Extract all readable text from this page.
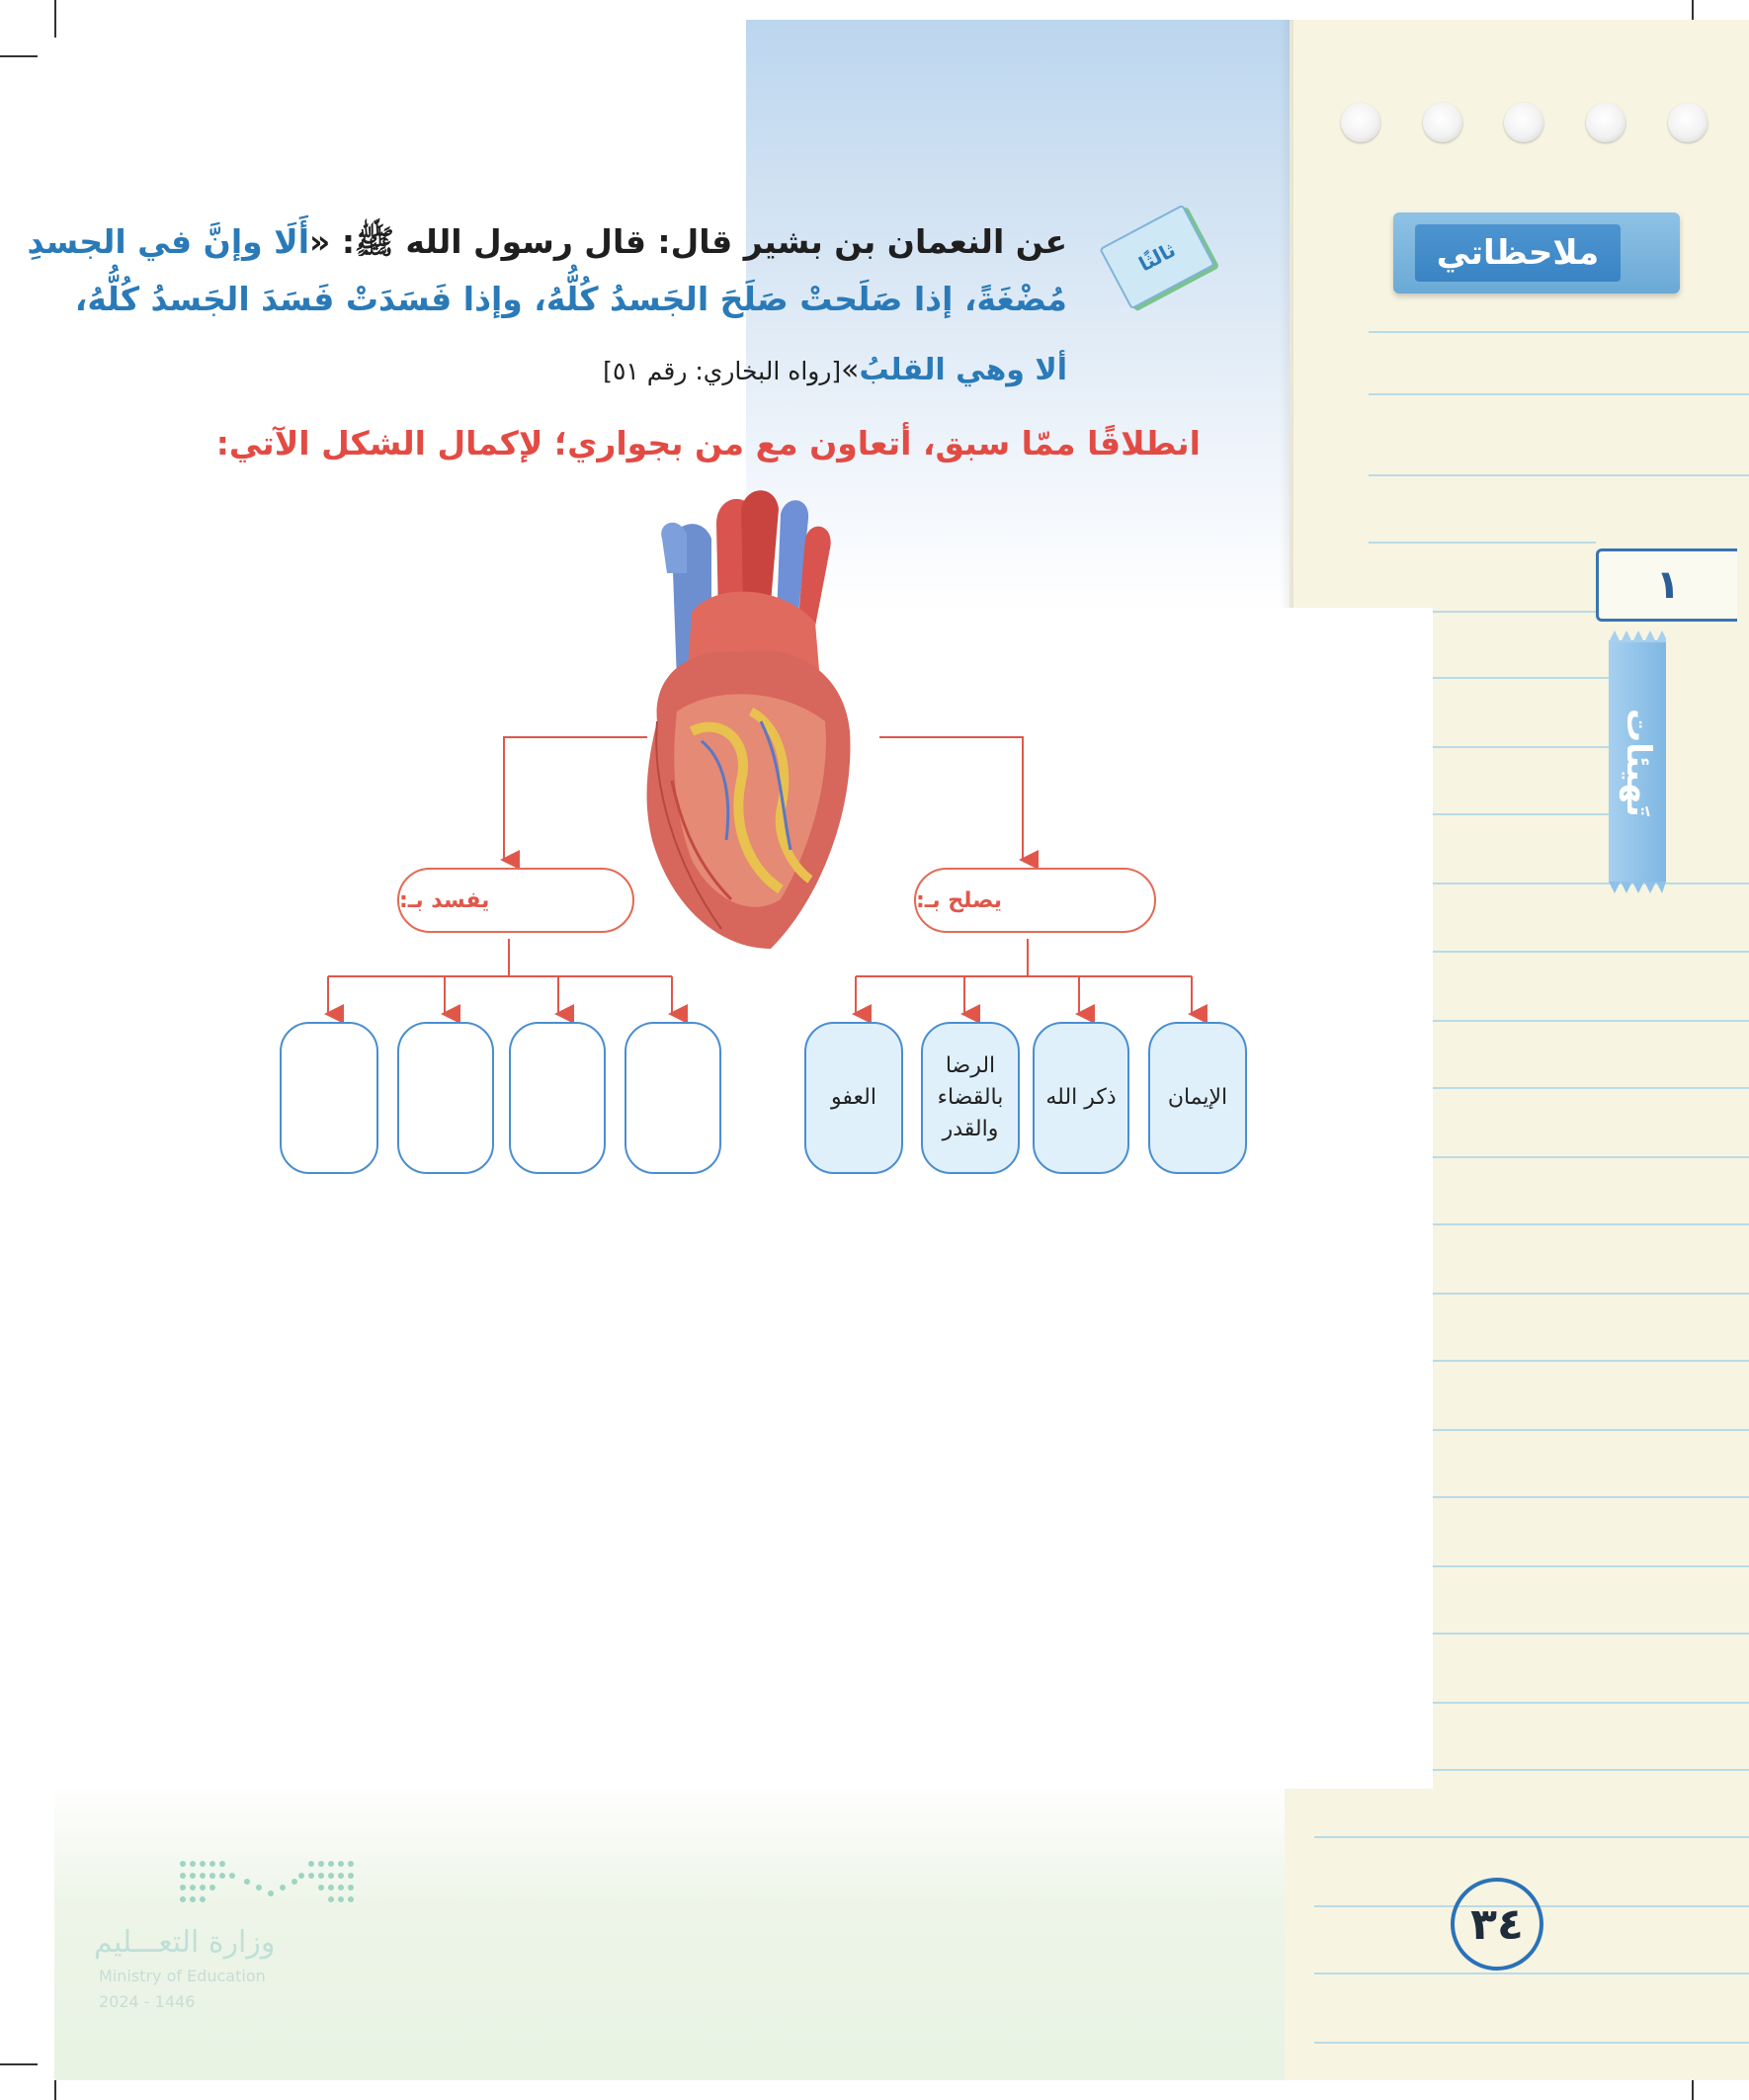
ملاحظاتي
١
تَهيئات
ثالثًا
عن النعمان بن بشير قال: قال رسول الله ﷺ: «أَلَا وإنَّ في الجسدِ
مُضْغَةً، إذا صَلَحتْ صَلَحَ الجَسدُ كُلُّهُ، وإذا فَسَدَتْ فَسَدَ الجَسدُ كُلُّهُ،
ألا وهي القلبُ»[رواه البخاري: رقم ٥١]
انطلاقًا ممّا سبق، أتعاون مع من بجواري؛ لإكمال الشكل الآتي:
يفسد بـ:	يصلح بـ:
العفو
الرضا بالقضاء والقدر
ذكر الله	الإيمان
٣٤
وزارة التعـــليم
Ministry of Education
2024 - 1446
